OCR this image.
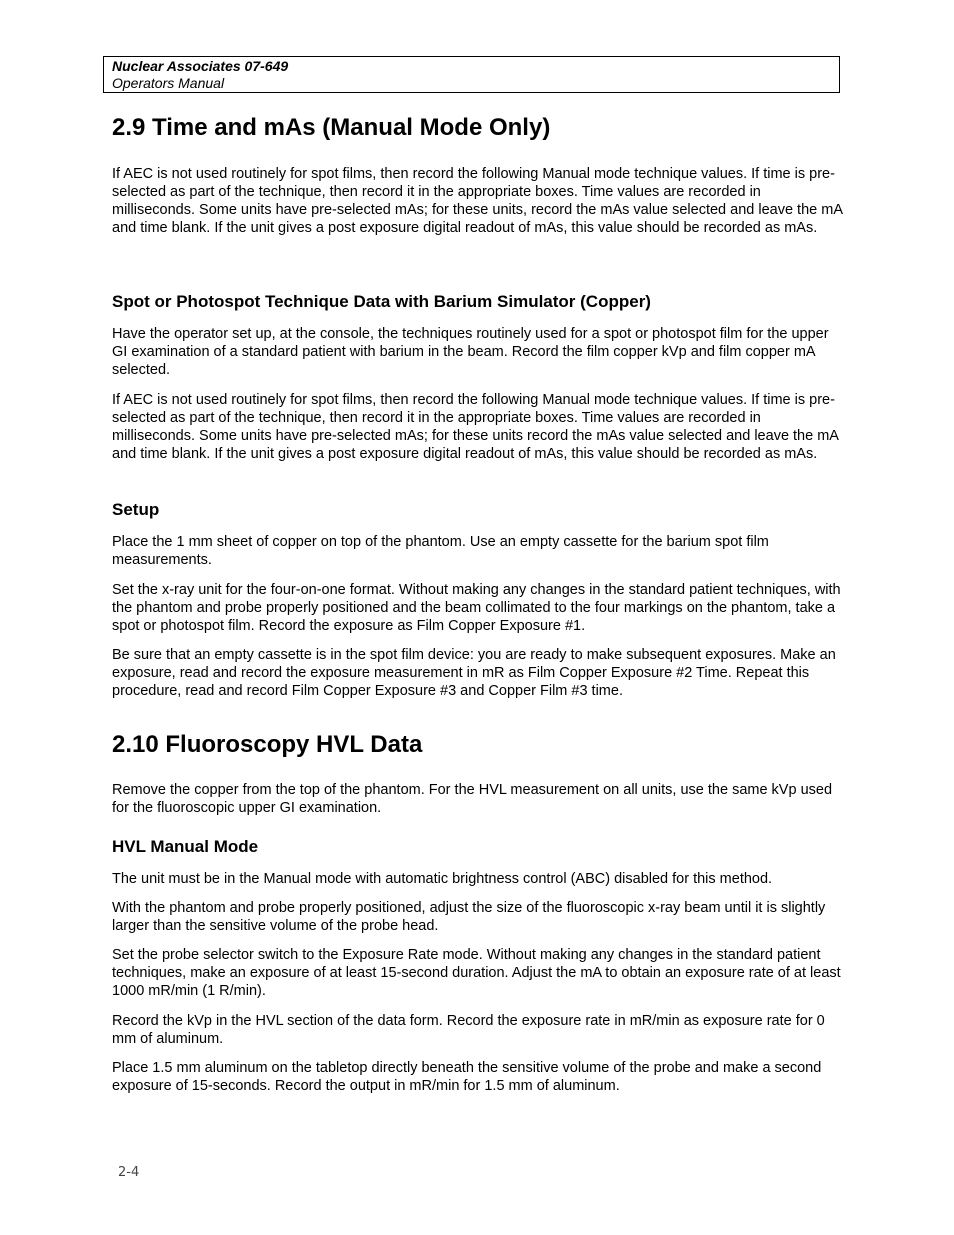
Nuclear Associates 07-649

Operators Manual

2.9 Time and mAs (Manual Mode Only)

If AEC is not used routinely for spot films, then record the following Manual mode technique values. If time is pre-selected as part of the technique, then record it in the appropriate boxes. Time values are recorded in milliseconds. Some units have pre-selected mAs; for these units, record the mAs value selected and leave the mA and time blank. If the unit gives a post exposure digital readout of mAs, this value should be recorded as mAs.

Spot or Photospot Technique Data with Barium Simulator (Copper)

Have the operator set up, at the console, the techniques routinely used for a spot or photospot film for the upper GI examination of a standard patient with barium in the beam. Record the film copper kVp and film copper mA selected.

If AEC is not used routinely for spot films, then record the following Manual mode technique values. If time is pre-selected as part of the technique, then record it in the appropriate boxes. Time values are recorded in milliseconds. Some units have pre-selected mAs; for these units record the mAs value selected and leave the mA and time blank. If the unit gives a post exposure digital readout of mAs, this value should be recorded as mAs.

Setup

Place the 1 mm sheet of copper on top of the phantom. Use an empty cassette for the barium spot film measurements.

Set the x-ray unit for the four-on-one format. Without making any changes in the standard patient techniques, with the phantom and probe properly positioned and the beam collimated to the four markings on the phantom, take a spot or photospot film. Record the exposure as Film Copper Exposure #1.

Be sure that an empty cassette is in the spot film device: you are ready to make subsequent exposures. Make an exposure, read and record the exposure measurement in mR as Film Copper Exposure #2 Time. Repeat this procedure, read and record Film Copper Exposure #3 and Copper Film #3 time.

2.10 Fluoroscopy HVL Data

Remove the copper from the top of the phantom. For the HVL measurement on all units, use the same kVp used for the fluoroscopic upper GI examination.

HVL Manual Mode

The unit must be in the Manual mode with automatic brightness control (ABC) disabled for this method.

With the phantom and probe properly positioned, adjust the size of the fluoroscopic x-ray beam until it is slightly larger than the sensitive volume of the probe head.

Set the probe selector switch to the Exposure Rate mode. Without making any changes in the standard patient techniques, make an exposure of at least 15-second duration. Adjust the mA to obtain an exposure rate of at least 1000 mR/min (1 R/min).

Record the kVp in the HVL section of the data form. Record the exposure rate in mR/min as exposure rate for 0 mm of aluminum.

Place 1.5 mm aluminum on the tabletop directly beneath the sensitive volume of the probe and make a second exposure of 15-seconds. Record the output in mR/min for 1.5 mm of aluminum.

2-4
